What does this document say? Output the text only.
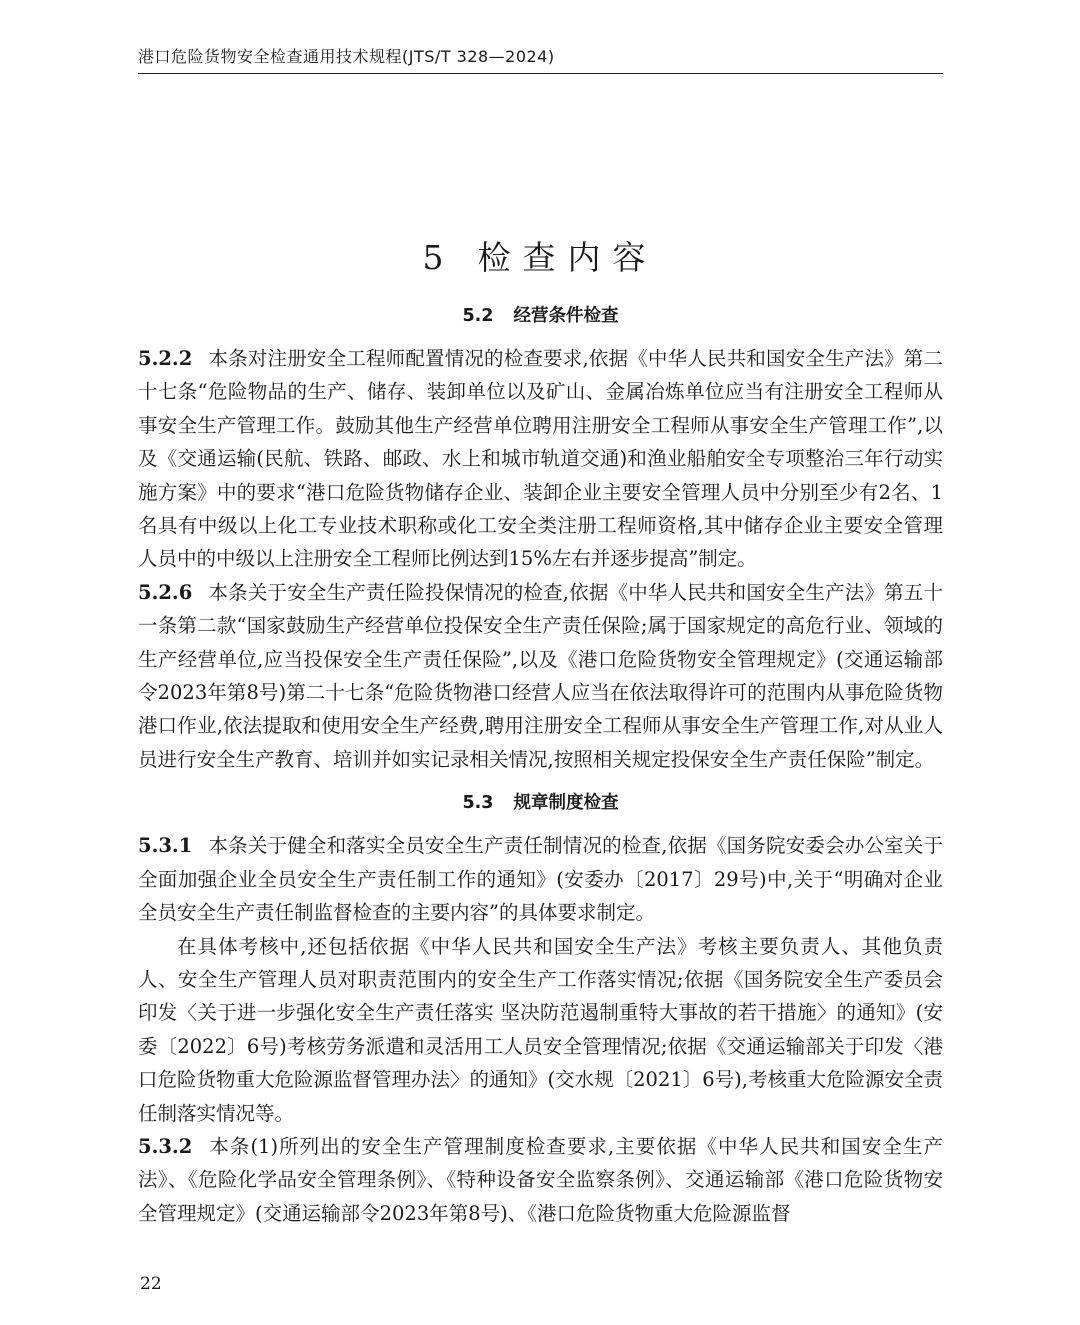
港口危险货物安全检查通用技术规程(JTS/T 328—2024)
5 检查内容
5.2 经营条件检查

5.2.2 本条对注册安全工程师配置情况的检查要求,依据《中华人民共和国安全生产法》第二十七条“危险物品的生产、储存、装卸单位以及矿山、金属冶炼单位应当有注册安全工程师从事安全生产管理工作。鼓励其他生产经营单位聘用注册安全工程师从事安全生产管理工作”,以及《交通运输(民航、铁路、邮政、水上和城市轨道交通)和渔业船舶安全专项整治三年行动实施方案》中的要求“港口危险货物储存企业、装卸企业主要安全管理人员中分别至少有2名、1名具有中级以上化工专业技术职称或化工安全类注册工程师资格,其中储存企业主要安全管理人员中的中级以上注册安全工程师比例达到15%左右并逐步提高”制定。

5.2.6 本条关于安全生产责任险投保情况的检查,依据《中华人民共和国安全生产法》第五十一条第二款“国家鼓励生产经营单位投保安全生产责任保险;属于国家规定的高危行业、领域的生产经营单位,应当投保安全生产责任保险”,以及《港口危险货物安全管理规定》(交通运输部令2023年第8号)第二十七条“危险货物港口经营人应当在依法取得许可的范围内从事危险货物港口作业,依法提取和使用安全生产经费,聘用注册安全工程师从事安全生产管理工作,对从业人员进行安全生产教育、培训并如实记录相关情况,按照相关规定投保安全生产责任保险”制定。

5.3 规章制度检查

5.3.1 本条关于健全和落实全员安全生产责任制情况的检查,依据《国务院安委会办公室关于全面加强企业全员安全生产责任制工作的通知》(安委办〔2017〕29号)中,关于“明确对企业全员安全生产责任制监督检查的主要内容”的具体要求制定。

在具体考核中,还包括依据《中华人民共和国安全生产法》考核主要负责人、其他负责人、安全生产管理人员对职责范围内的安全生产工作落实情况;依据《国务院安全生产委员会印发〈关于进一步强化安全生产责任落实 坚决防范遏制重特大事故的若干措施〉的通知》(安委〔2022〕6号)考核劳务派遣和灵活用工人员安全管理情况;依据《交通运输部关于印发〈港口危险货物重大危险源监督管理办法〉的通知》(交水规〔2021〕6号),考核重大危险源安全责任制落实情况等。

5.3.2 本条(1)所列出的安全生产管理制度检查要求,主要依据《中华人民共和国安全生产法》、《危险化学品安全管理条例》、《特种设备安全监察条例》、交通运输部《港口危险货物安全管理规定》(交通运输部令2023年第8号)、《港口危险货物重大危险源监督

22
